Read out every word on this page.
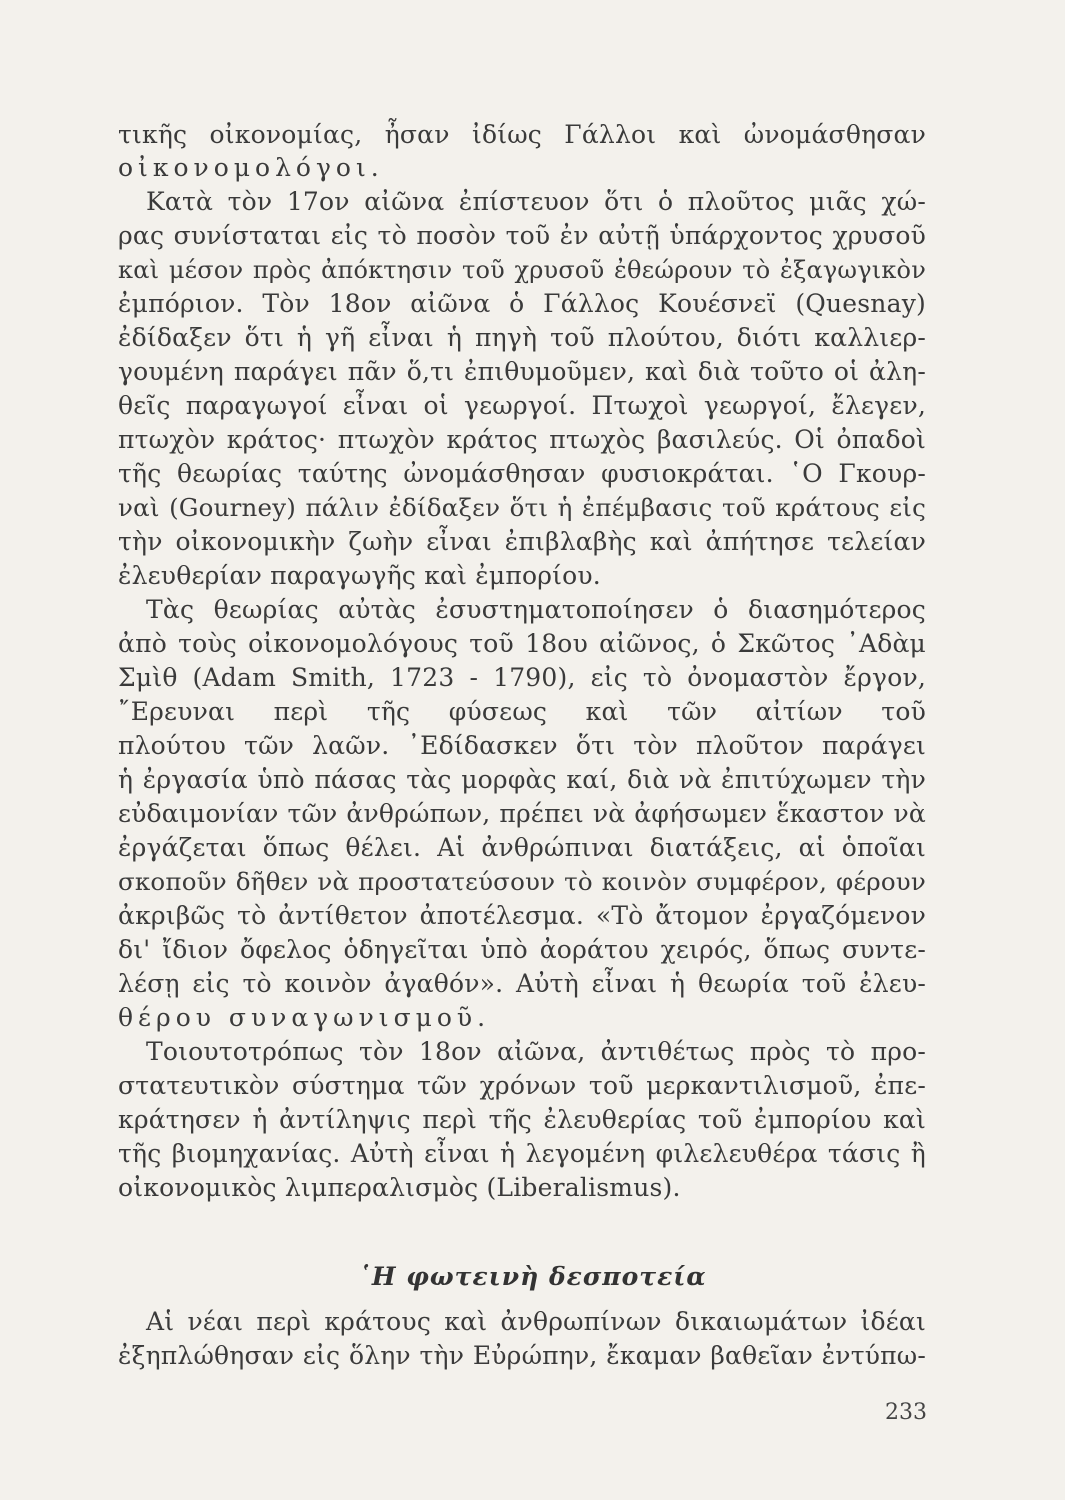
τικῆς οἰκονομίας, ἦσαν ἰδίως Γάλλοι καὶ ὠνομάσθησαν
οἰκονομολόγοι.
Κατὰ τὸν 17ον αἰῶνα ἐπίστευον ὅτι ὁ πλοῦτος μιᾶς χώ-
ρας συνίσταται εἰς τὸ ποσὸν τοῦ ἐν αὐτῇ ὑπάρχοντος χρυσοῦ
καὶ μέσον πρὸς ἀπόκτησιν τοῦ χρυσοῦ ἐθεώρουν τὸ ἐξαγωγικὸν
ἐμπόριον. Τὸν 18ον αἰῶνα ὁ Γάλλος Κουέσνεϊ (Quesnay)
ἐδίδαξεν ὅτι ἡ γῆ εἶναι ἡ πηγὴ τοῦ πλούτου, διότι καλλιερ-
γουμένη παράγει πᾶν ὅ,τι ἐπιθυμοῦμεν, καὶ διὰ τοῦτο οἱ ἀλη-
θεῖς παραγωγοί εἶναι οἱ γεωργοί. Πτωχοὶ γεωργοί, ἔλεγεν,
πτωχὸν κράτος· πτωχὸν κράτος πτωχὸς βασιλεύς. Οἱ ὀπαδοὶ
τῆς θεωρίας ταύτης ὠνομάσθησαν φυσιοκράται. ῾Ο Γκουρ-
ναὶ (Gourney) πάλιν ἐδίδαξεν ὅτι ἡ ἐπέμβασις τοῦ κράτους εἰς
τὴν οἰκονομικὴν ζωὴν εἶναι ἐπιβλαβὴς καὶ ἀπήτησε τελείαν
ἐλευθερίαν παραγωγῆς καὶ ἐμπορίου.
Τὰς θεωρίας αὐτὰς ἐσυστηματοποίησεν ὁ διασημότερος
ἀπὸ τοὺς οἰκονομολόγους τοῦ 18ου αἰῶνος, ὁ Σκῶτος ᾿Αδὰμ
Σμὶθ (Adam Smith, 1723 - 1790), εἰς τὸ ὀνομαστὸν ἔργον,
῎Ερευναι περὶ τῆς φύσεως καὶ τῶν αἰτίων τοῦ
πλούτου τῶν λαῶν. ᾿Εδίδασκεν ὅτι τὸν πλοῦτον παράγει
ἡ ἐργασία ὑπὸ πάσας τὰς μορφὰς καί, διὰ νὰ ἐπιτύχωμεν τὴν
εὐδαιμονίαν τῶν ἀνθρώπων, πρέπει νὰ ἀφήσωμεν ἕκαστον νὰ
ἐργάζεται ὅπως θέλει. Αἱ ἀνθρώπιναι διατάξεις, αἱ ὁποῖαι
σκοποῦν δῆθεν νὰ προστατεύσουν τὸ κοινὸν συμφέρον, φέρουν
ἀκριβῶς τὸ ἀντίθετον ἀποτέλεσμα. «Τὸ ἄτομον ἐργαζόμενον
δι' ἴδιον ὄφελος ὁδηγεῖται ὑπὸ ἀοράτου χειρός, ὅπως συντε-
λέσῃ εἰς τὸ κοινὸν ἀγαθόν». Αὐτὴ εἶναι ἡ θεωρία τοῦ ἐλευ-
θέρου συναγωνισμοῦ.
Τοιουτοτρόπως τὸν 18ον αἰῶνα, ἀντιθέτως πρὸς τὸ προ-
στατευτικὸν σύστημα τῶν χρόνων τοῦ μερκαντιλισμοῦ, ἐπε-
κράτησεν ἡ ἀντίληψις περὶ τῆς ἐλευθερίας τοῦ ἐμπορίου καὶ
τῆς βιομηχανίας. Αὐτὴ εἶναι ἡ λεγομένη φιλελευθέρα τάσις ἢ
οἰκονομικὸς λιμπεραλισμὸς (Liberalismus).
῾Η φωτεινὴ δεσποτεία
Αἱ νέαι περὶ κράτους καὶ ἀνθρωπίνων δικαιωμάτων ἰδέαι
ἐξηπλώθησαν εἰς ὅλην τὴν Εὐρώπην, ἔκαμαν βαθεῖαν ἐντύπω-
233
